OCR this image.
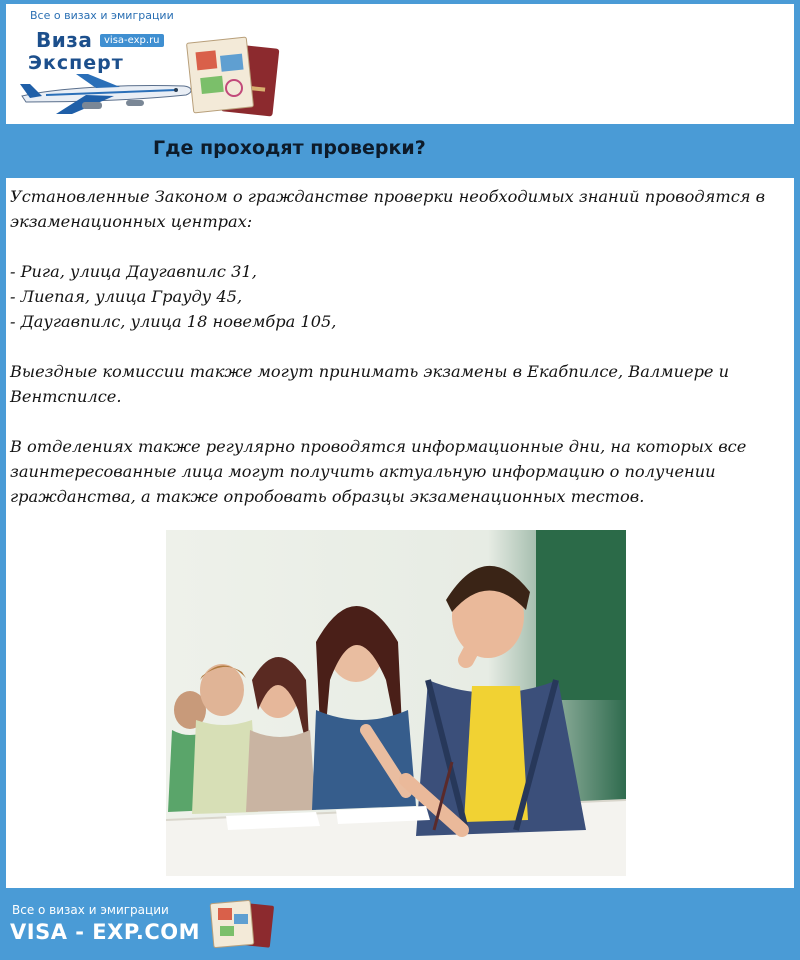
Все о визах и эмиграции
Виза
Эксперт
visa-exp.ru
Где проходят проверки?

Установленные Законом о гражданстве проверки необходимых знаний проводятся в экзаменационных центрах:

- Рига, улица Даугавпилс 31,

- Лиепая, улица Грауду 45,

- Даугавпилс, улица 18 новембра 105,

Выездные комиссии также могут принимать экзамены в Екабпилсе, Валмиере и Вентспилсе.

В отделениях также регулярно проводятся информационные дни, на которых все заинтересованные лица могут получить актуальную информацию о получении гражданства, а также опробовать образцы экзаменационных тестов.

Все о визах и эмиграции
VISA - EXP.COM
